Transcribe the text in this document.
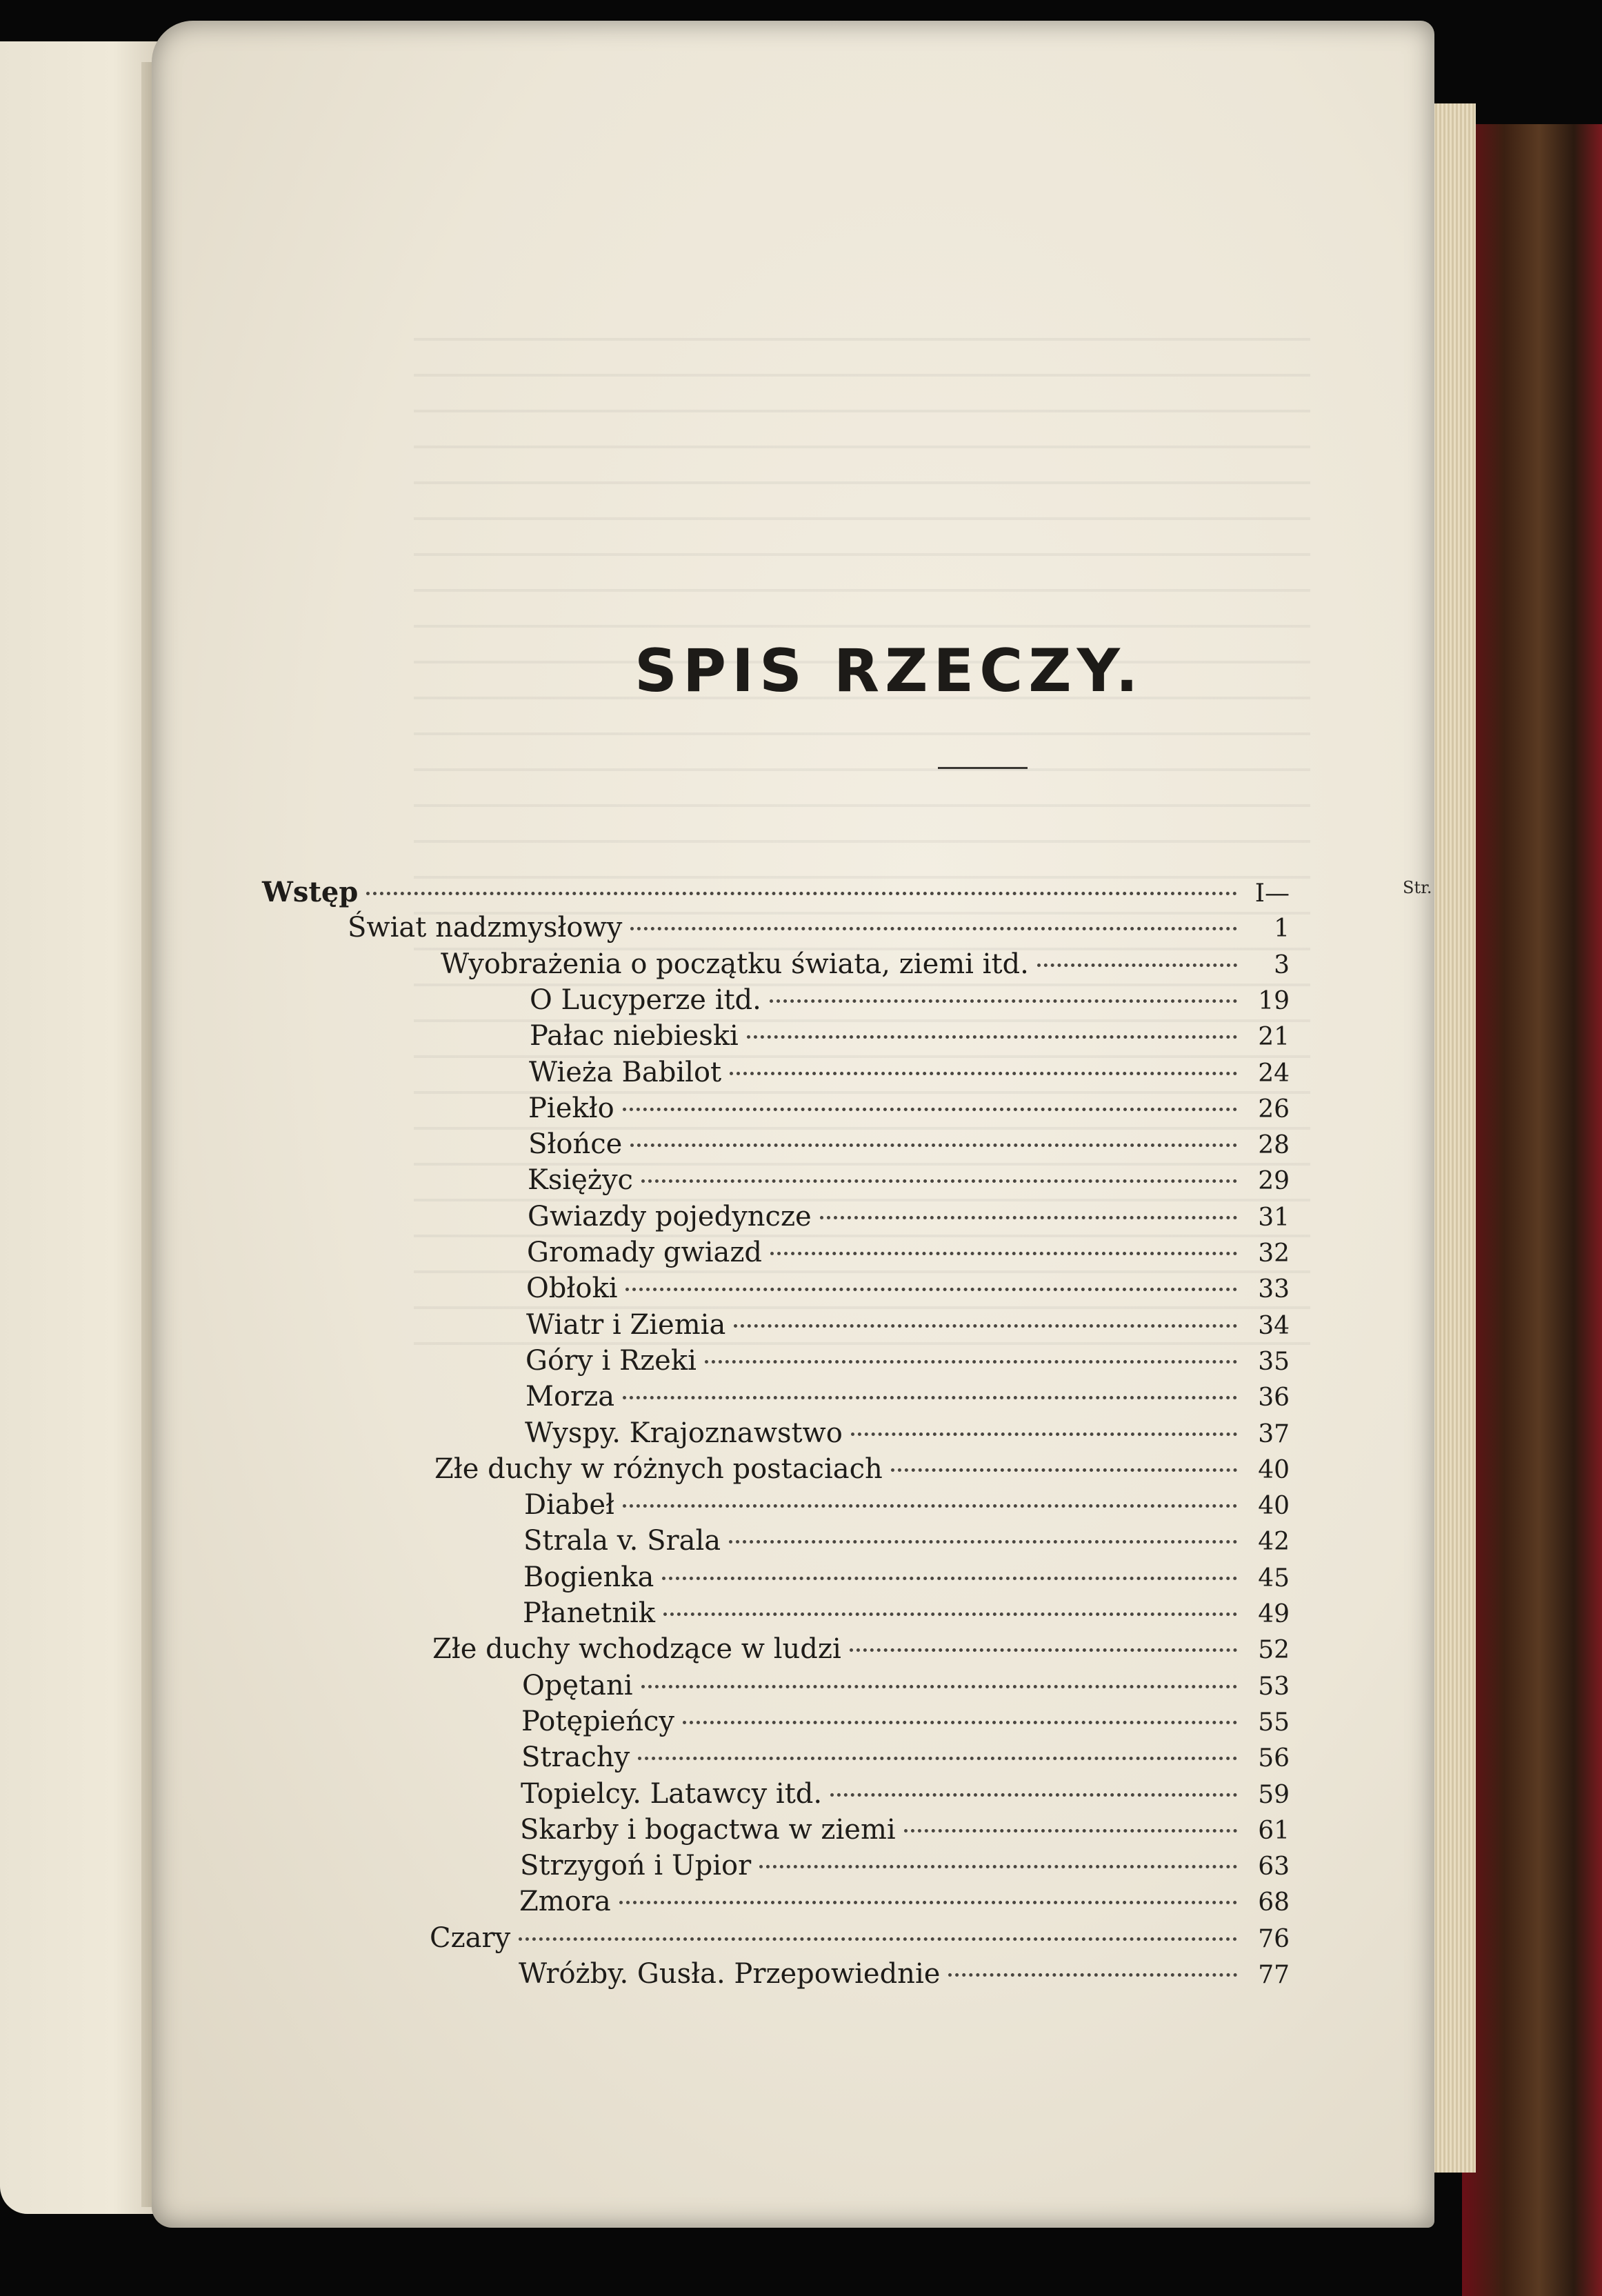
SPIS RZECZY.
Str.
Wstęp	I—
Świat nadzmysłowy	1
Wyobrażenia o początku świata, ziemi itd.	3
O Lucyperze itd.	19
Pałac niebieski	21
Wieża Babilot	24
Piekło	26
Słońce	28
Księżyc	29
Gwiazdy pojedyncze	31
Gromady gwiazd	32
Obłoki	33
Wiatr i Ziemia	34
Góry i Rzeki	35
Morza	36
Wyspy. Krajoznawstwo	37
Złe duchy w różnych postaciach	40
Diabeł	40
Strala v. Srala	42
Bogienka	45
Płanetnik	49
Złe duchy wchodzące w ludzi	52
Opętani	53
Potępieńcy	55
Strachy	56
Topielcy. Latawcy itd.	59
Skarby i bogactwa w ziemi	61
Strzygoń i Upior	63
Zmora	68
Czary	76
Wróżby. Gusła. Przepowiednie	77
